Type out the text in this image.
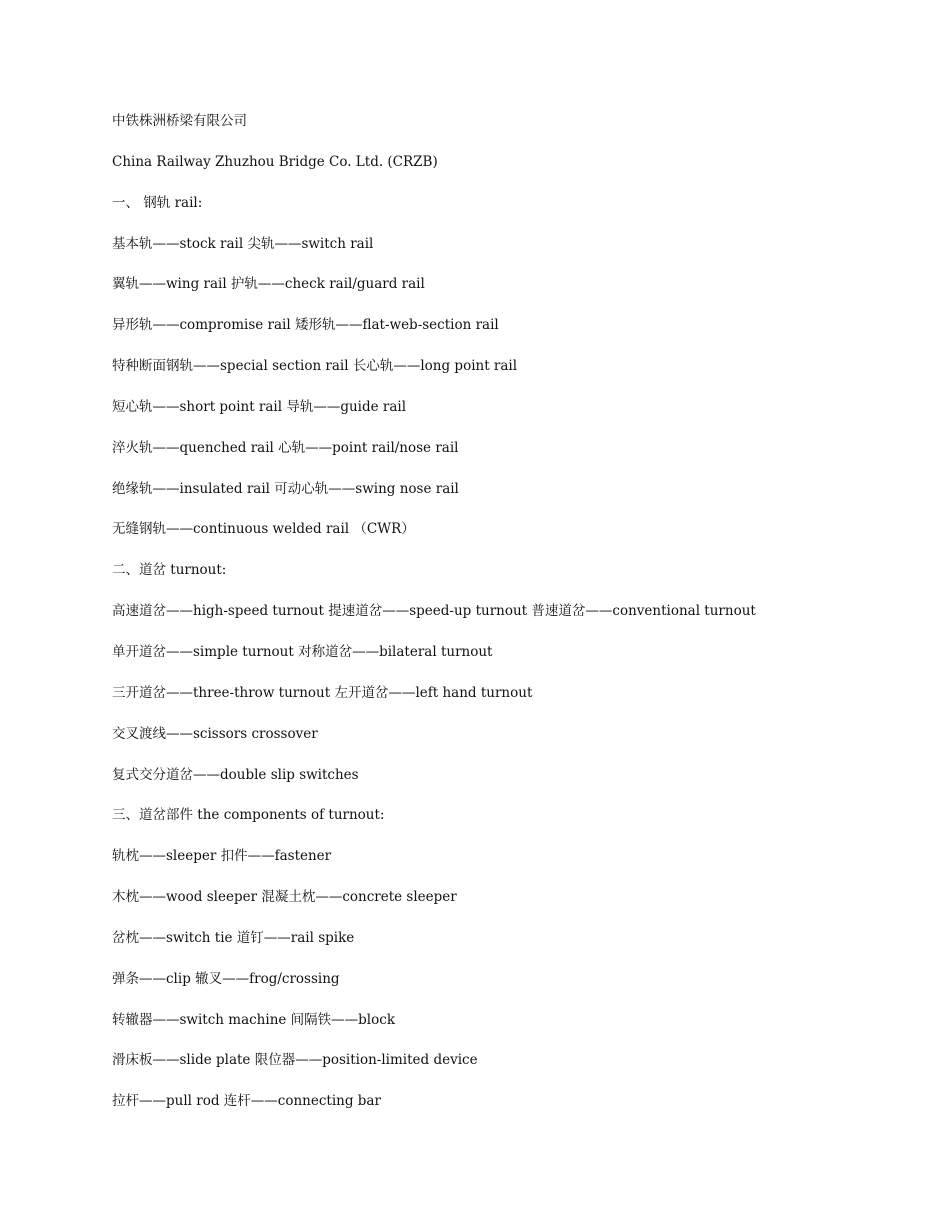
中铁株洲桥梁有限公司
China Railway Zhuzhou Bridge Co. Ltd. (CRZB)
一、 钢轨 rail:
基本轨——stock rail 尖轨——switch rail
翼轨——wing rail 护轨——check rail/guard rail
异形轨——compromise rail 矮形轨——flat-web-section rail
特种断面钢轨——special section rail 长心轨——long point rail
短心轨——short point rail 导轨——guide rail
淬火轨——quenched rail 心轨——point rail/nose rail
绝缘轨——insulated rail 可动心轨——swing nose rail
无缝钢轨——continuous welded rail （CWR）
二、道岔 turnout:
高速道岔——high-speed turnout 提速道岔——speed-up turnout 普速道岔——conventional turnout
单开道岔——simple turnout 对称道岔——bilateral turnout
三开道岔——three-throw turnout 左开道岔——left hand turnout
交叉渡线——scissors crossover
复式交分道岔——double slip switches
三、道岔部件 the components of turnout:
轨枕——sleeper 扣件——fastener
木枕——wood sleeper 混凝土枕——concrete sleeper
岔枕——switch tie 道钉——rail spike
弹条——clip 辙叉——frog/crossing
转辙器——switch machine 间隔铁——block
滑床板——slide plate 限位器——position-limited device
拉杆——pull rod 连杆——connecting bar
